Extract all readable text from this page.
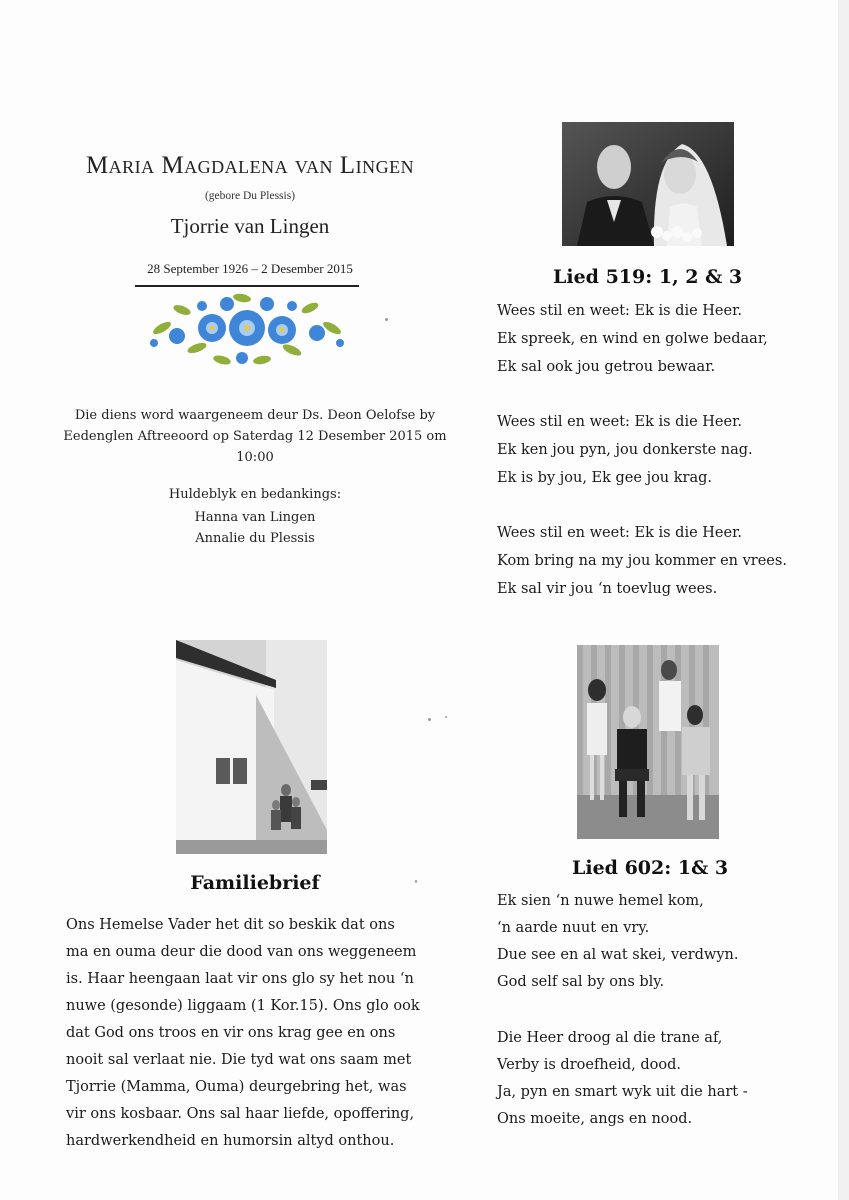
Maria Magdalena van Lingen
(gebore Du Plessis)
Tjorrie van Lingen
28 September 1926 – 2 Desember 2015
Die diens word waargeneem deur Ds. Deon Oelofse by
Eedenglen Aftreeoord op Saterdag 12 Desember 2015 om
10:00
Huldeblyk en bedankings:
Hanna van Lingen
Annalie du Plessis
Lied 519: 1, 2 & 3
Wees stil en weet: Ek is die Heer.
Ek spreek, en wind en golwe bedaar,
Ek sal ook jou getrou bewaar.
Wees stil en weet: Ek is die Heer.
Ek ken jou pyn, jou donkerste nag.
Ek is by jou, Ek gee jou krag.
Wees stil en weet: Ek is die Heer.
Kom bring na my jou kommer en vrees.
Ek sal vir jou ‘n toevlug wees.
Lied 602: 1& 3
Ek sien ‘n nuwe hemel kom,
‘n aarde nuut en vry.
Due see en al wat skei, verdwyn.
God self sal by ons bly.
Die Heer droog al die trane af,
Verby is droefheid, dood.
Ja, pyn en smart wyk uit die hart -
Ons moeite, angs en nood.
Familiebrief
Ons Hemelse Vader het dit so beskik dat ons
ma en ouma deur die dood van ons weggeneem
is. Haar heengaan laat vir ons glo sy het nou ‘n
nuwe (gesonde) liggaam (1 Kor.15). Ons glo ook
dat God ons troos en vir ons krag gee en ons
nooit sal verlaat nie. Die tyd wat ons saam met
Tjorrie (Mamma, Ouma) deurgebring het, was
vir ons kosbaar. Ons sal haar liefde, opoffering,
hardwerkendheid en humorsin altyd onthou.
